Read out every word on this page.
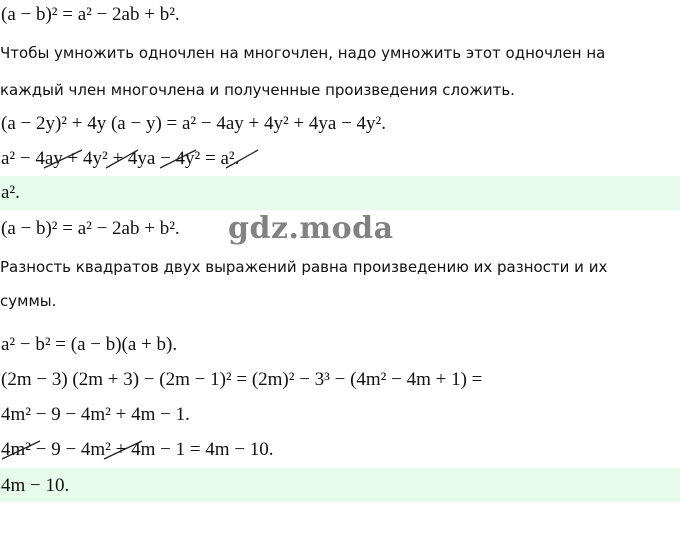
(a − b)² = a² − 2ab + b².
Чтобы умножить одночлен на многочлен, надо умножить этот одночлен на
каждый член многочлена и полученные произведения сложить.
(a − 2y)² + 4y (a − y) = a² − 4ay + 4y² + 4ya − 4y².
a² − 4ay + 4y² + 4ya − 4y² = a².
a².
(a − b)² = a² − 2ab + b².
Разность квадратов двух выражений равна произведению их разности и их
суммы.
a² − b² = (a − b)(a + b).
(2m − 3) (2m + 3) − (2m − 1)² = (2m)² − 3³ − (4m² − 4m + 1) =
4m² − 9 − 4m² + 4m − 1.
4m² − 9 − 4m² + 4m − 1 = 4m − 10.
4m − 10.
gdz.moda
